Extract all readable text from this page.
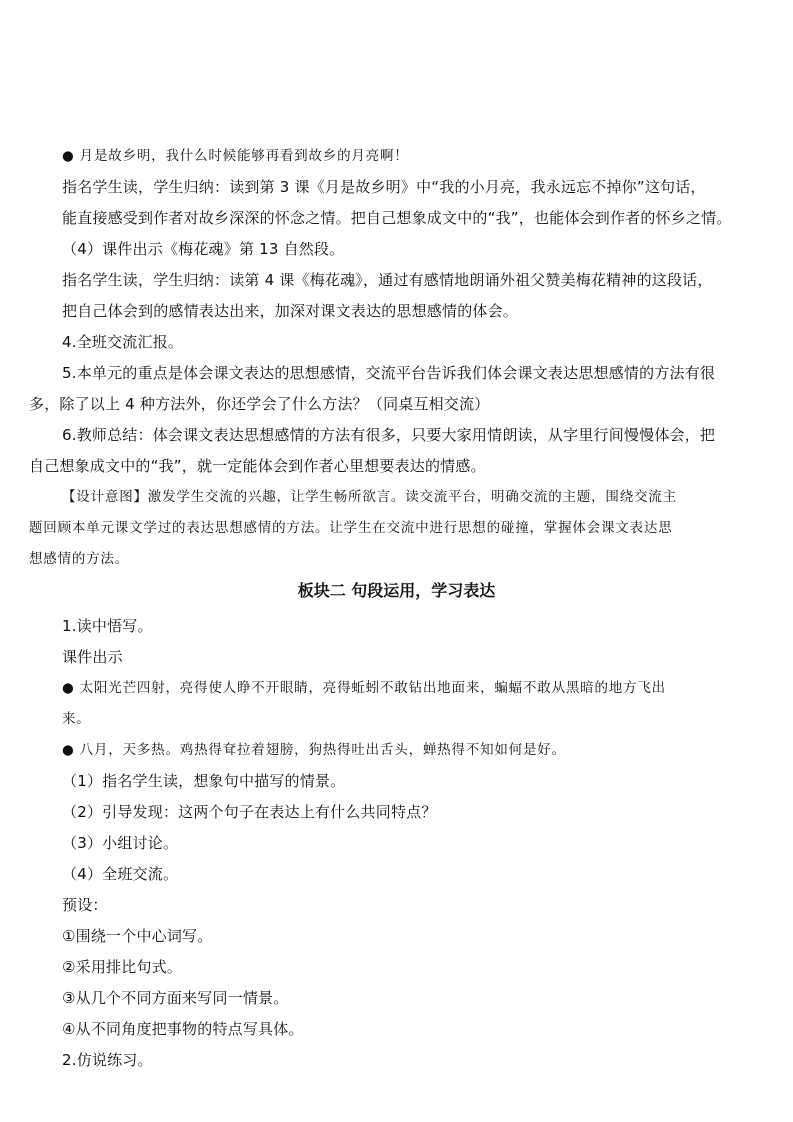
● 月是故乡明，我什么时候能够再看到故乡的月亮啊！
指名学生读，学生归纳：读到第 3 课《月是故乡明》中“我的小月亮，我永远忘不掉你”这句话，
能直接感受到作者对故乡深深的怀念之情。把自己想象成文中的“我”，也能体会到作者的怀乡之情。
（4）课件出示《梅花魂》第 13 自然段。
指名学生读，学生归纳：读第 4 课《梅花魂》，通过有感情地朗诵外祖父赞美梅花精神的这段话，
把自己体会到的感情表达出来，加深对课文表达的思想感情的体会。
4.全班交流汇报。
5.本单元的重点是体会课文表达的思想感情，交流平台告诉我们体会课文表达思想感情的方法有很
多，除了以上 4 种方法外，你还学会了什么方法？（同桌互相交流）
6.教师总结：体会课文表达思想感情的方法有很多，只要大家用情朗读，从字里行间慢慢体会，把
自己想象成文中的“我”，就一定能体会到作者心里想要表达的情感。
【设计意图】激发学生交流的兴趣，让学生畅所欲言。读交流平台，明确交流的主题，围绕交流主
题回顾本单元课文学过的表达思想感情的方法。让学生在交流中进行思想的碰撞，掌握体会课文表达思
想感情的方法。
板块二 句段运用，学习表达
1.读中悟写。
课件出示
● 太阳光芒四射，亮得使人睁不开眼睛，亮得蚯蚓不敢钻出地面来，蝙蝠不敢从黑暗的地方飞出
来。
● 八月，天多热。鸡热得耷拉着翅膀，狗热得吐出舌头，蝉热得不知如何是好。
（1）指名学生读，想象句中描写的情景。
（2）引导发现：这两个句子在表达上有什么共同特点？
（3）小组讨论。
（4）全班交流。
预设：
①围绕一个中心词写。
②采用排比句式。
③从几个不同方面来写同一情景。
④从不同角度把事物的特点写具体。
2.仿说练习。
